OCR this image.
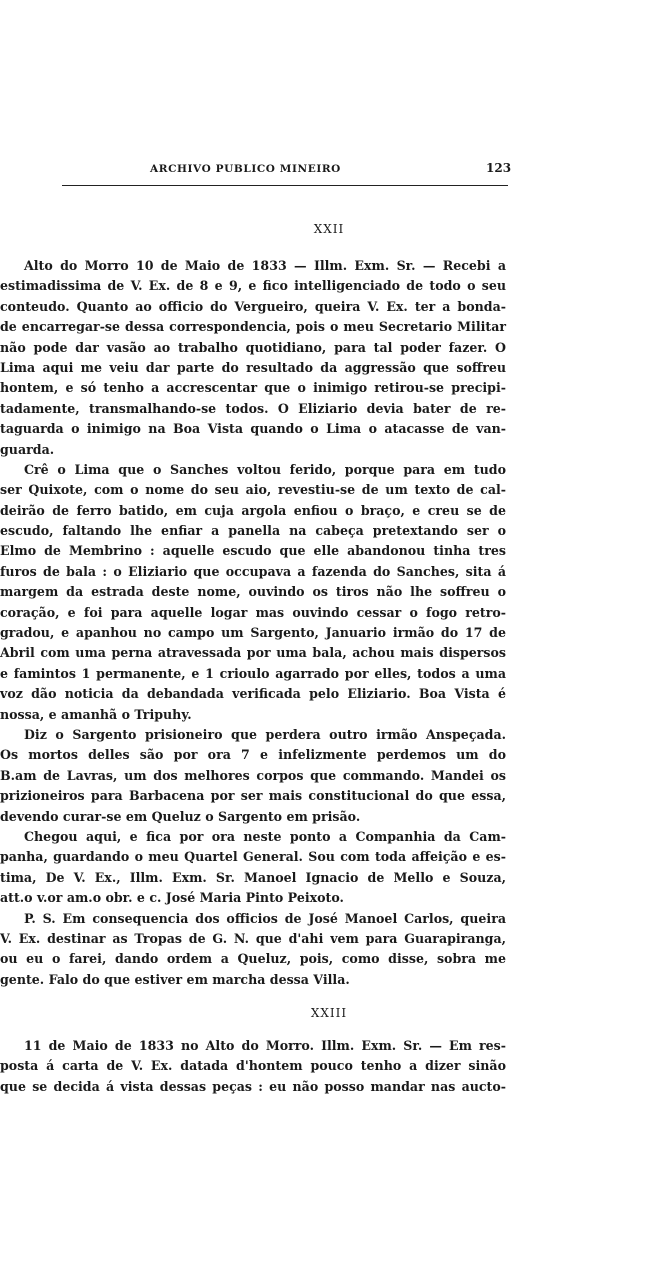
ARCHIVO PUBLICO MINEIRO	123
XXII
Alto do Morro 10 de Maio de 1833 — Illm. Exm. Sr. — Recebi a
estimadissima de V. Ex. de 8 e 9, e fico intelligenciado de todo o seu
conteudo. Quanto ao officio do Vergueiro, queira V. Ex. ter a bonda-
de encarregar-se dessa correspondencia, pois o meu Secretario Militar
não pode dar vasão ao trabalho quotidiano, para tal poder fazer. O
Lima aqui me veiu dar parte do resultado da aggressão que soffreu
hontem, e só tenho a accrescentar que o inimigo retirou-se precipi-
tadamente, transmalhando-se todos. O Eliziario devia bater de re-
taguarda o inimigo na Boa Vista quando o Lima o atacasse de van-
guarda.
Crê o Lima que o Sanches voltou ferido, porque para em tudo
ser Quixote, com o nome do seu aio, revestiu-se de um texto de cal-
deirão de ferro batido, em cuja argola enfiou o braço, e creu se de
escudo, faltando lhe enfiar a panella na cabeça pretextando ser o
Elmo de Membrino : aquelle escudo que elle abandonou tinha tres
furos de bala : o Eliziario que occupava a fazenda do Sanches, sita á
margem da estrada deste nome, ouvindo os tiros não lhe soffreu o
coração, e foi para aquelle logar mas ouvindo cessar o fogo retro-
gradou, e apanhou no campo um Sargento, Januario irmão do 17 de
Abril com uma perna atravessada por uma bala, achou mais dispersos
e famintos 1 permanente, e 1 crioulo agarrado por elles, todos a uma
voz dão noticia da debandada verificada pelo Eliziario. Boa Vista é
nossa, e amanhã o Tripuhy.
Diz o Sargento prisioneiro que perdera outro irmão Anspeçada.
Os mortos delles são por ora 7 e infelizmente perdemos um do
B.am de Lavras, um dos melhores corpos que commando. Mandei os
prizioneiros para Barbacena por ser mais constitucional do que essa,
devendo curar-se em Queluz o Sargento em prisão.
Chegou aqui, e fica por ora neste ponto a Companhia da Cam-
panha, guardando o meu Quartel General. Sou com toda affeição e es-
tima, De V. Ex., Illm. Exm. Sr. Manoel Ignacio de Mello e Souza,
att.o v.or am.o obr. e c. José Maria Pinto Peixoto.
P. S. Em consequencia dos officios de José Manoel Carlos, queira
V. Ex. destinar as Tropas de G. N. que d'ahi vem para Guarapiranga,
ou eu o farei, dando ordem a Queluz, pois, como disse, sobra me
gente. Falo do que estiver em marcha dessa Villa.
XXIII
11 de Maio de 1833 no Alto do Morro. Illm. Exm. Sr. — Em res-
posta á carta de V. Ex. datada d'hontem pouco tenho a dizer sinão
que se decida á vista dessas peças : eu não posso mandar nas aucto-
